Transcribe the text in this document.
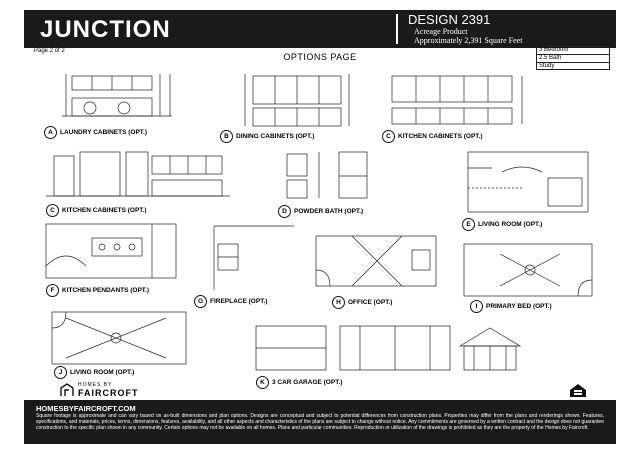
JUNCTION	DESIGN 2391
Acreage Product
Approximately 2,391 Square Feet
Page 2 of 2
OPTIONS PAGE
3 Bedroom
2.5 Bath
Study
A	LAUNDRY CABINETS (OPT.)
B	DINING CABINETS (OPT.)	C	KITCHEN CABINETS (OPT.)
C	KITCHEN CABINETS (OPT.)	D	POWDER BATH (OPT.)
E	LIVING ROOM (OPT.)
F	KITCHEN PENDANTS (OPT.)
G	FIREPLACE (OPT.)	H	OFFICE (OPT.)
I	PRIMARY BED (OPT.)
J	LIVING ROOM (OPT.)
K	3 CAR GARAGE (OPT.)
HOMES BY
FAIRCROFT
HOMESBYFAIRCROFT.COM
Square footage is approximate and can vary based on as-built dimensions and plan options. Designs are conceptual and subject to potential differences from construction plans. Properties may differ from the plans and renderings shown. Features, specifications, and materials, prices, terms, dimensions, features, availability, and all other aspects and characteristics of the plans are subject to change without notice. Any commitments are governed by a written contract and the design does not guarantee construction to the specific plan shown in any community. Certain options may not be available on all homes. Plans and particular communities. Reproduction or utilization of the drawings is prohibited as they are the property of the Homes by Faircroft.
